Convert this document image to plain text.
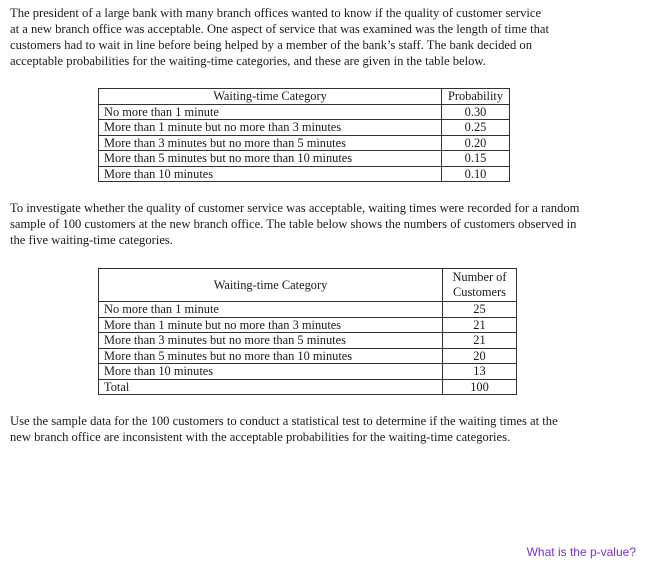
The president of a large bank with many branch offices wanted to know if the quality of customer service
at a new branch office was acceptable. One aspect of service that was examined was the length of time that
customers had to wait in line before being helped by a member of the bank’s staff. The bank decided on
acceptable probabilities for the waiting-time categories, and these are given in the table below.

Waiting-time Category	Probability
No more than 1 minute	0.30
More than 1 minute but no more than 3 minutes	0.25
More than 3 minutes but no more than 5 minutes	0.20
More than 5 minutes but no more than 10 minutes	0.15
More than 10 minutes	0.10

To investigate whether the quality of customer service was acceptable, waiting times were recorded for a random
sample of 100 customers at the new branch office. The table below shows the numbers of customers observed in
the five waiting-time categories.

Waiting-time Category	Number of
Customers
No more than 1 minute	25
More than 1 minute but no more than 3 minutes	21
More than 3 minutes but no more than 5 minutes	21
More than 5 minutes but no more than 10 minutes	20
More than 10 minutes	13
Total	100

Use the sample data for the 100 customers to conduct a statistical test to determine if the waiting times at the
new branch office are inconsistent with the acceptable probabilities for the waiting-time categories.

What is the p-value?
